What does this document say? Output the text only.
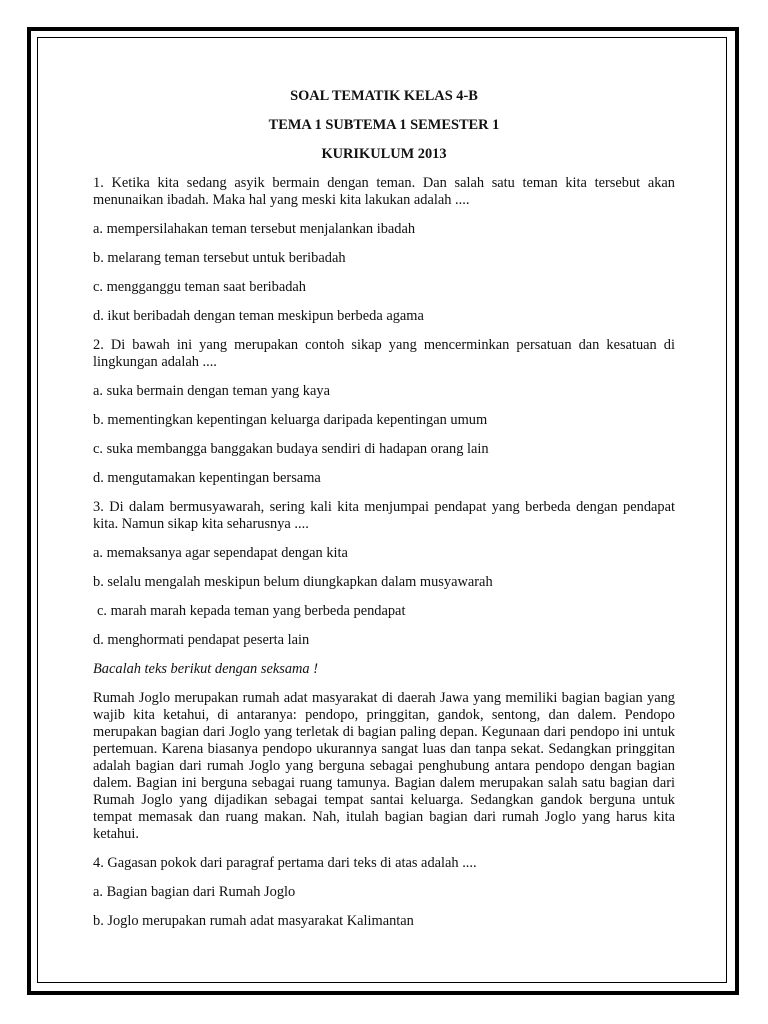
SOAL TEMATIK KELAS 4-B

TEMA 1 SUBTEMA 1 SEMESTER 1

KURIKULUM 2013

1. Ketika kita sedang asyik bermain dengan teman. Dan salah satu teman kita tersebut akan menunaikan ibadah. Maka hal yang meski kita lakukan adalah ....

a. mempersilahakan teman tersebut menjalankan ibadah

b. melarang teman tersebut untuk beribadah

c. mengganggu teman saat beribadah

d. ikut beribadah dengan teman meskipun berbeda agama

2. Di bawah ini yang merupakan contoh sikap yang mencerminkan persatuan dan kesatuan di lingkungan adalah ....

a. suka bermain dengan teman yang kaya

b. mementingkan kepentingan keluarga daripada kepentingan umum

c. suka membangga banggakan budaya sendiri di hadapan orang lain

d. mengutamakan kepentingan bersama

3. Di dalam bermusyawarah, sering kali kita menjumpai pendapat yang berbeda dengan pendapat kita. Namun sikap kita seharusnya ....

a. memaksanya agar sependapat dengan kita

b. selalu mengalah meskipun belum diungkapkan dalam musyawarah

c. marah marah kepada teman yang berbeda pendapat

d. menghormati pendapat peserta lain

Bacalah teks berikut dengan seksama !

Rumah Joglo merupakan rumah adat masyarakat di daerah Jawa yang memiliki bagian bagian yang wajib kita ketahui, di antaranya: pendopo, pringgitan, gandok, sentong, dan dalem. Pendopo merupakan bagian dari Joglo yang terletak di bagian paling depan. Kegunaan dari pendopo ini untuk pertemuan. Karena biasanya pendopo ukurannya sangat luas dan tanpa sekat. Sedangkan pringgitan adalah bagian dari rumah Joglo yang berguna sebagai penghubung antara pendopo dengan bagian dalem. Bagian ini berguna sebagai ruang tamunya. Bagian dalem merupakan salah satu bagian dari Rumah Joglo yang dijadikan sebagai tempat santai keluarga. Sedangkan gandok berguna untuk tempat memasak dan ruang makan. Nah, itulah bagian bagian dari rumah Joglo yang harus kita ketahui.

4. Gagasan pokok dari paragraf pertama dari teks di atas adalah ....

a. Bagian bagian dari Rumah Joglo

b. Joglo merupakan rumah adat masyarakat Kalimantan
